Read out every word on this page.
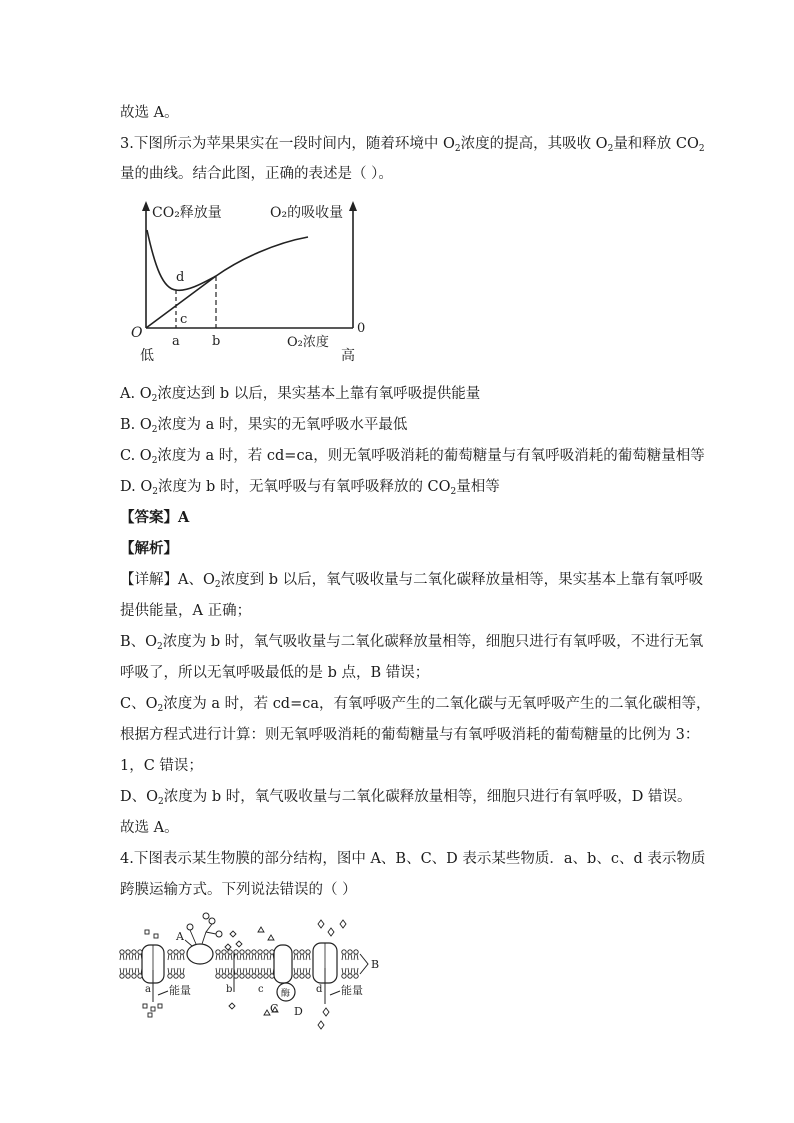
故选 A。
3.下图所示为苹果果实在一段时间内，随着环境中 $O_2$浓度的提高，其吸收 $O_2$量和释放 $CO_2$
量的曲线。结合此图，正确的表述是（ ）。
CO₂释放量	O₂的吸收量
O	0
d
c
a b	O₂浓度
低	高
A. $O_2$浓度达到 b 以后，果实基本上靠有氧呼吸提供能量
B. $O_2$浓度为 a 时，果实的无氧呼吸水平最低
C. $O_2$浓度为 a 时，若 cd=ca，则无氧呼吸消耗的葡萄糖量与有氧呼吸消耗的葡萄糖量相等
D. $O_2$浓度为 b 时，无氧呼吸与有氧呼吸释放的 $CO_2$量相等
【答案】A
【解析】
【详解】A、$O_2$浓度到 b 以后，氧气吸收量与二氧化碳释放量相等，果实基本上靠有氧呼吸
提供能量，A 正确；
B、$O_2$浓度为 b 时，氧气吸收量与二氧化碳释放量相等，细胞只进行有氧呼吸，不进行无氧
呼吸了，所以无氧呼吸最低的是 b 点，B 错误；
C、$O_2$浓度为 a 时，若 cd=ca，有氧呼吸产生的二氧化碳与无氧呼吸产生的二氧化碳相等，
根据方程式进行计算：则无氧呼吸消耗的葡萄糖量与有氧呼吸消耗的葡萄糖量的比例为 3：
1，C 错误；
D、$O_2$浓度为 b 时，氧气吸收量与二氧化碳释放量相等，细胞只进行有氧呼吸，D 错误。
故选 A。
4.下图表示某生物膜的部分结构，图中 A、B、C、D 表示某些物质．a、b、c、d 表示物质
跨膜运输方式。下列说法错误的（ ）
A
B
C D
a	b	c	d
能量	能量
酶
